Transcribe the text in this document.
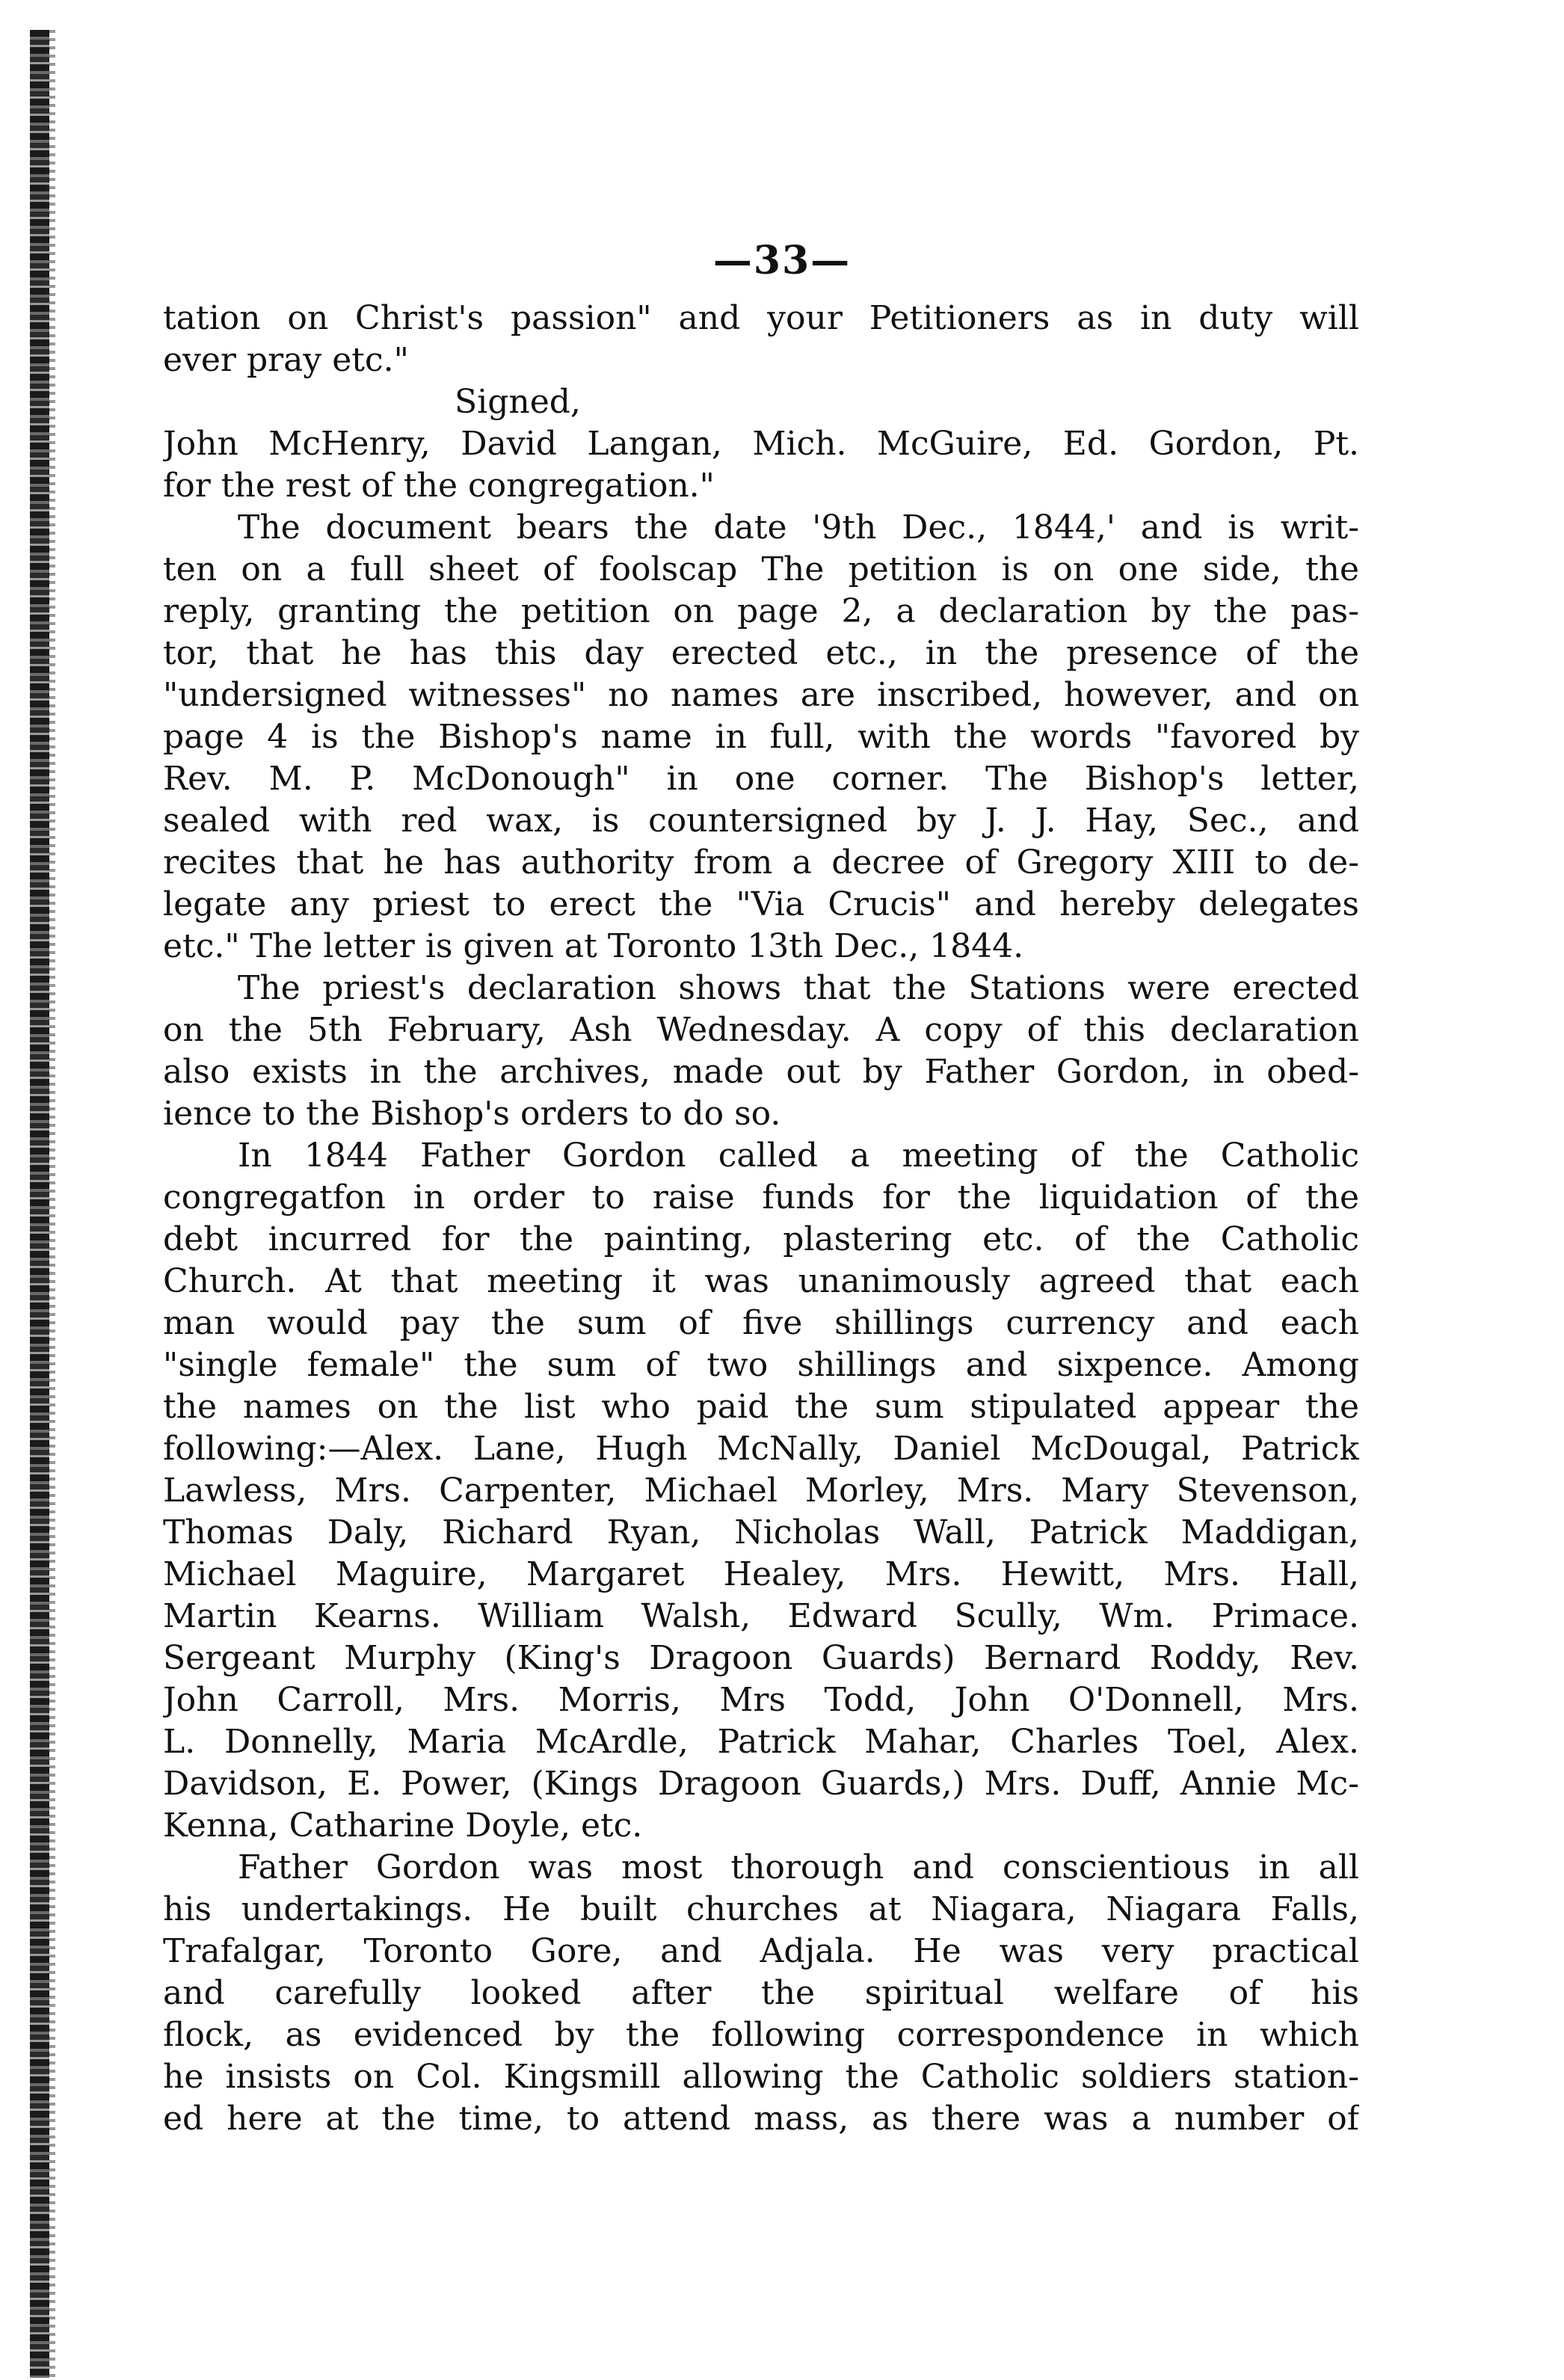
—33—

tation on Christ's passion" and your Petitioners as in duty will
ever pray etc."

Signed,
John McHenry, David Langan, Mich. McGuire, Ed. Gordon, Pt.
for the rest of the congregation."

The document bears the date '9th Dec., 1844,' and is writ-
ten on a full sheet of foolscap The petition is on one side, the
reply, granting the petition on page 2, a declaration by the pas-
tor, that he has this day erected etc., in the presence of the
"undersigned witnesses" no names are inscribed, however, and on
page 4 is the Bishop's name in full, with the words "favored by
Rev. M. P. McDonough" in one corner. The Bishop's letter,
sealed with red wax, is countersigned by J. J. Hay, Sec., and
recites that he has authority from a decree of Gregory XIII to de-
legate any priest to erect the "Via Crucis" and hereby delegates
etc." The letter is given at Toronto 13th Dec., 1844.

The priest's declaration shows that the Stations were erected
on the 5th February, Ash Wednesday. A copy of this declaration
also exists in the archives, made out by Father Gordon, in obed-
ience to the Bishop's orders to do so.

In 1844 Father Gordon called a meeting of the Catholic
congregatfon in order to raise funds for the liquidation of the
debt incurred for the painting, plastering etc. of the Catholic
Church. At that meeting it was unanimously agreed that each
man would pay the sum of five shillings currency and each
"single female" the sum of two shillings and sixpence. Among
the names on the list who paid the sum stipulated appear the
following:—Alex. Lane, Hugh McNally, Daniel McDougal, Patrick
Lawless, Mrs. Carpenter, Michael Morley, Mrs. Mary Stevenson,
Thomas Daly, Richard Ryan, Nicholas Wall, Patrick Maddigan,
Michael Maguire, Margaret Healey, Mrs. Hewitt, Mrs. Hall,
Martin Kearns. William Walsh, Edward Scully, Wm. Primace.
Sergeant Murphy (King's Dragoon Guards) Bernard Roddy, Rev.
John Carroll, Mrs. Morris, Mrs Todd, John O'Donnell, Mrs.
L. Donnelly, Maria McArdle, Patrick Mahar, Charles Toel, Alex.
Davidson, E. Power, (Kings Dragoon Guards,) Mrs. Duff, Annie Mc-
Kenna, Catharine Doyle, etc.

Father Gordon was most thorough and conscientious in all
his undertakings. He built churches at Niagara, Niagara Falls,
Trafalgar, Toronto Gore, and Adjala. He was very practical
and carefully looked after the spiritual welfare of his
flock, as evidenced by the following correspondence in which
he insists on Col. Kingsmill allowing the Catholic soldiers station-
ed here at the time, to attend mass, as there was a number of
